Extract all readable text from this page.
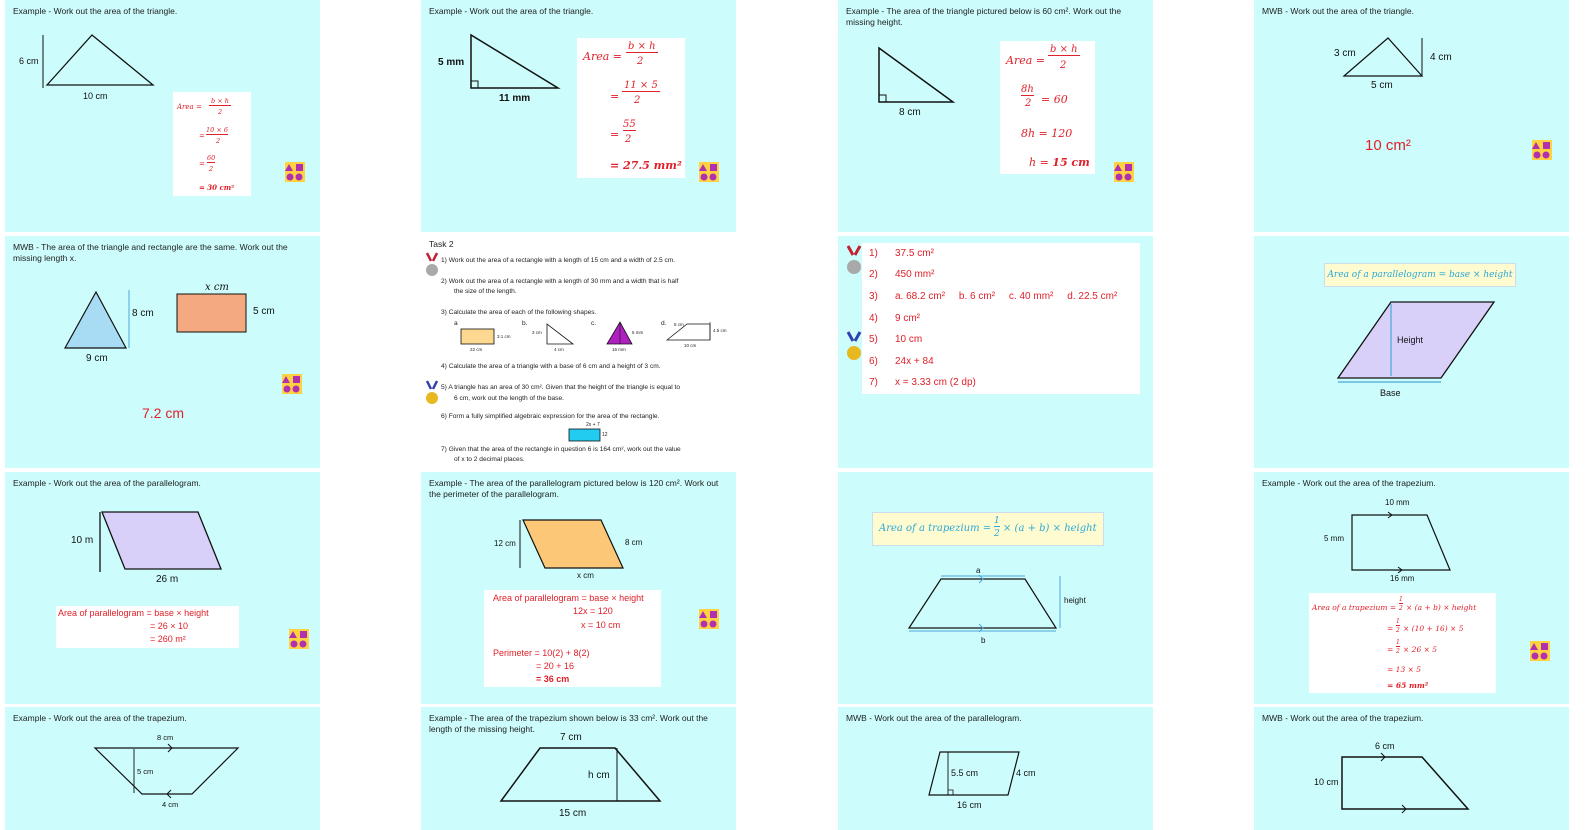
Example - Work out the area of the triangle.
6 cm
10 cm
Area =
b × h
2
=
10 × 6
2
=
60
2
= 30 cm²
Example - Work out the area of the triangle.
5 mm
11 mm
Area =
b × h
2
=
11 × 5
2
=
55
2
= 27.5 mm²
Example - The area of the triangle pictured below is 60 cm². Work out the missing height.
8 cm
Area =
b × h
2
8h
2 = 60
8h = 120
h = 15 cm
MWB - Work out the area of the triangle.
3 cm	4 cm
5 cm
10 cm²
MWB - The area of the triangle and rectangle are the same. Work out the missing length x.
8 cm
9 cm
x cm
5 cm
7.2 cm
Task 2
1) Work out the area of a rectangle with a length of 15 cm and a width of 2.5 cm.
2) Work out the area of a rectangle with a length of 30 mm and a width that is half
the size of the length.
3) Calculate the area of each of the following shapes.
a	b.	c.	d.
3.1 cm
22 cm
3 cm
4 cm
5 mm
16 mm
5 cm
4.5 cm
10 cm
4) Calculate the area of a triangle with a base of 6 cm and a height of 3 cm.
5) A triangle has an area of 30 cm². Given that the height of the triangle is equal to
6 cm, work out the length of the base.
6) Form a fully simplified algebraic expression for the area of the rectangle.
2x + 7
12
7) Given that the area of the rectangle in question 6 is 164 cm², work out the value
of x to 2 decimal places.
1) 37.5 cm²
2) 450 mm²
3) a. 68.2 cm²     b. 6 cm²     c. 40 mm²     d. 22.5 cm²
4) 9 cm²
5) 10 cm
6) 24x + 84
7) x = 3.33 cm (2 dp)
Area of a parallelogram = base × height
Height
Base
Example - Work out the area of the parallelogram.
10 m
26 m
Area of parallelogram = base × height
= 26 × 10
= 260 m²
Example - The area of the parallelogram pictured below is 120 cm². Work out the perimeter of the parallelogram.
12 cm	8 cm
x cm
Area of parallelogram = base × height
12x = 120
x = 10 cm
Perimeter = 10(2) + 8(2)
= 20 + 16
= 36 cm
Area of a trapezium =
1
2 × (a + b) × height
a
b
height
Example - Work out the area of the trapezium.
10 mm
5 mm
16 mm
Area of a trapezium =
1
2 × (a + b) × height
=
1
2 × (10 + 16) × 5
=
1
2 × 26 × 5
= 13 × 5
= 65 mm²
Example - Work out the area of the trapezium.
8 cm
5 cm
4 cm
Example - The area of the trapezium shown below is 33 cm². Work out the length of the missing height.
7 cm
h cm
15 cm
MWB - Work out the area of the parallelogram.
5.5 cm	4 cm
16 cm
MWB - Work out the area of the trapezium.
6 cm
10 cm
